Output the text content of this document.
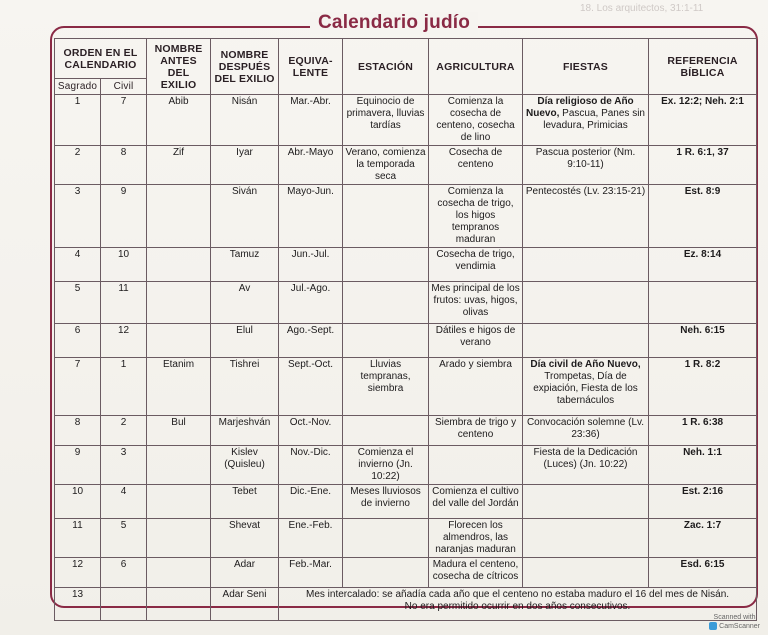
18. Los arquitectos, 31:1-11
Calendario judío
ORDEN EN EL CALENDARIO		NOMBRE ANTES DEL EXILIO	NOMBRE DESPUÉS DEL EXILIO	EQUIVA- LENTE	ESTACIÓN	AGRICULTURA	FIESTAS	REFERENCIA BÍBLICA
Sagrado	Civil							
1	7	Abib	Nisán	Mar.-Abr.	Equinocio de primavera, lluvias tardías	Comienza la cosecha de centeno, cosecha de lino	Día religioso de Año Nuevo, Pascua, Panes sin levadura, Primicias	Ex. 12:2; Neh. 2:1
2	8	Zif	Iyar	Abr.-Mayo	Verano, comienza la temporada seca	Cosecha de centeno	Pascua posterior (Nm. 9:10-11)	1 R. 6:1, 37
3	9		Siván	Mayo-Jun.		Comienza la cosecha de trigo, los higos tempranos maduran	Pentecostés (Lv. 23:15-21)	Est. 8:9
4	10		Tamuz	Jun.-Jul.		Cosecha de trigo, vendimia		Ez. 8:14
5	11		Av	Jul.-Ago.		Mes principal de los frutos: uvas, higos, olivas		
6	12		Elul	Ago.-Sept.		Dátiles e higos de verano		Neh. 6:15
7	1	Etanim	Tishrei	Sept.-Oct.	Lluvias tempranas, siembra	Arado y siembra	Día civil de Año Nuevo, Trompetas, Día de expiación, Fiesta de los tabernáculos	1 R. 8:2
8	2	Bul	Marjeshván	Oct.-Nov.		Siembra de trigo y centeno	Convocación solemne (Lv. 23:36)	1 R. 6:38
9	3		Kislev (Quisleu)	Nov.-Dic.	Comienza el invierno (Jn. 10:22)		Fiesta de la Dedicación (Luces) (Jn. 10:22)	Neh. 1:1
10	4		Tebet	Dic.-Ene.	Meses lluviosos de invierno	Comienza el cultivo del valle del Jordán		Est. 2:16
11	5		Shevat	Ene.-Feb.		Florecen los almendros, las naranjas maduran		Zac. 1:7
12	6		Adar	Feb.-Mar.		Madura el centeno, cosecha de cítricos		Esd. 6:15
13			Adar Seni	Mes intercalado: se añadía cada año que el centeno no estaba maduro el 16 del mes de Nisán.
No era permitido ocurrir en dos años consecutivos.				
Scanned with
CamScanner
